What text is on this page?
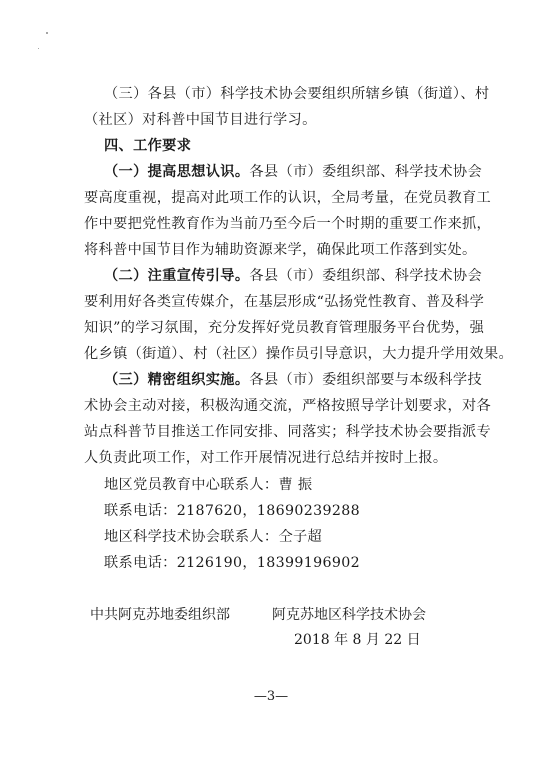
（三）各县（市）科学技术协会要组织所辖乡镇（街道）、村
（社区）对科普中国节目进行学习。
四、工作要求
（一）提高思想认识。各县（市）委组织部、科学技术协会
要高度重视，提高对此项工作的认识，全局考量，在党员教育工
作中要把党性教育作为当前乃至今后一个时期的重要工作来抓，
将科普中国节目作为辅助资源来学，确保此项工作落到实处。
（二）注重宣传引导。各县（市）委组织部、科学技术协会
要利用好各类宣传媒介，在基层形成“弘扬党性教育、普及科学
知识”的学习氛围，充分发挥好党员教育管理服务平台优势，强
化乡镇（街道）、村（社区）操作员引导意识，大力提升学用效果。
（三）精密组织实施。各县（市）委组织部要与本级科学技
术协会主动对接，积极沟通交流，严格按照导学计划要求，对各
站点科普节目推送工作同安排、同落实；科学技术协会要指派专
人负责此项工作，对工作开展情况进行总结并按时上报。
地区党员教育中心联系人：曹 振
联系电话：2187620，18690239288
地区科学技术协会联系人：仝子超
联系电话：2126190，18399196902
中共阿克苏地委组织部	阿克苏地区科学技术协会
2018 年 8 月 22 日
—3—
